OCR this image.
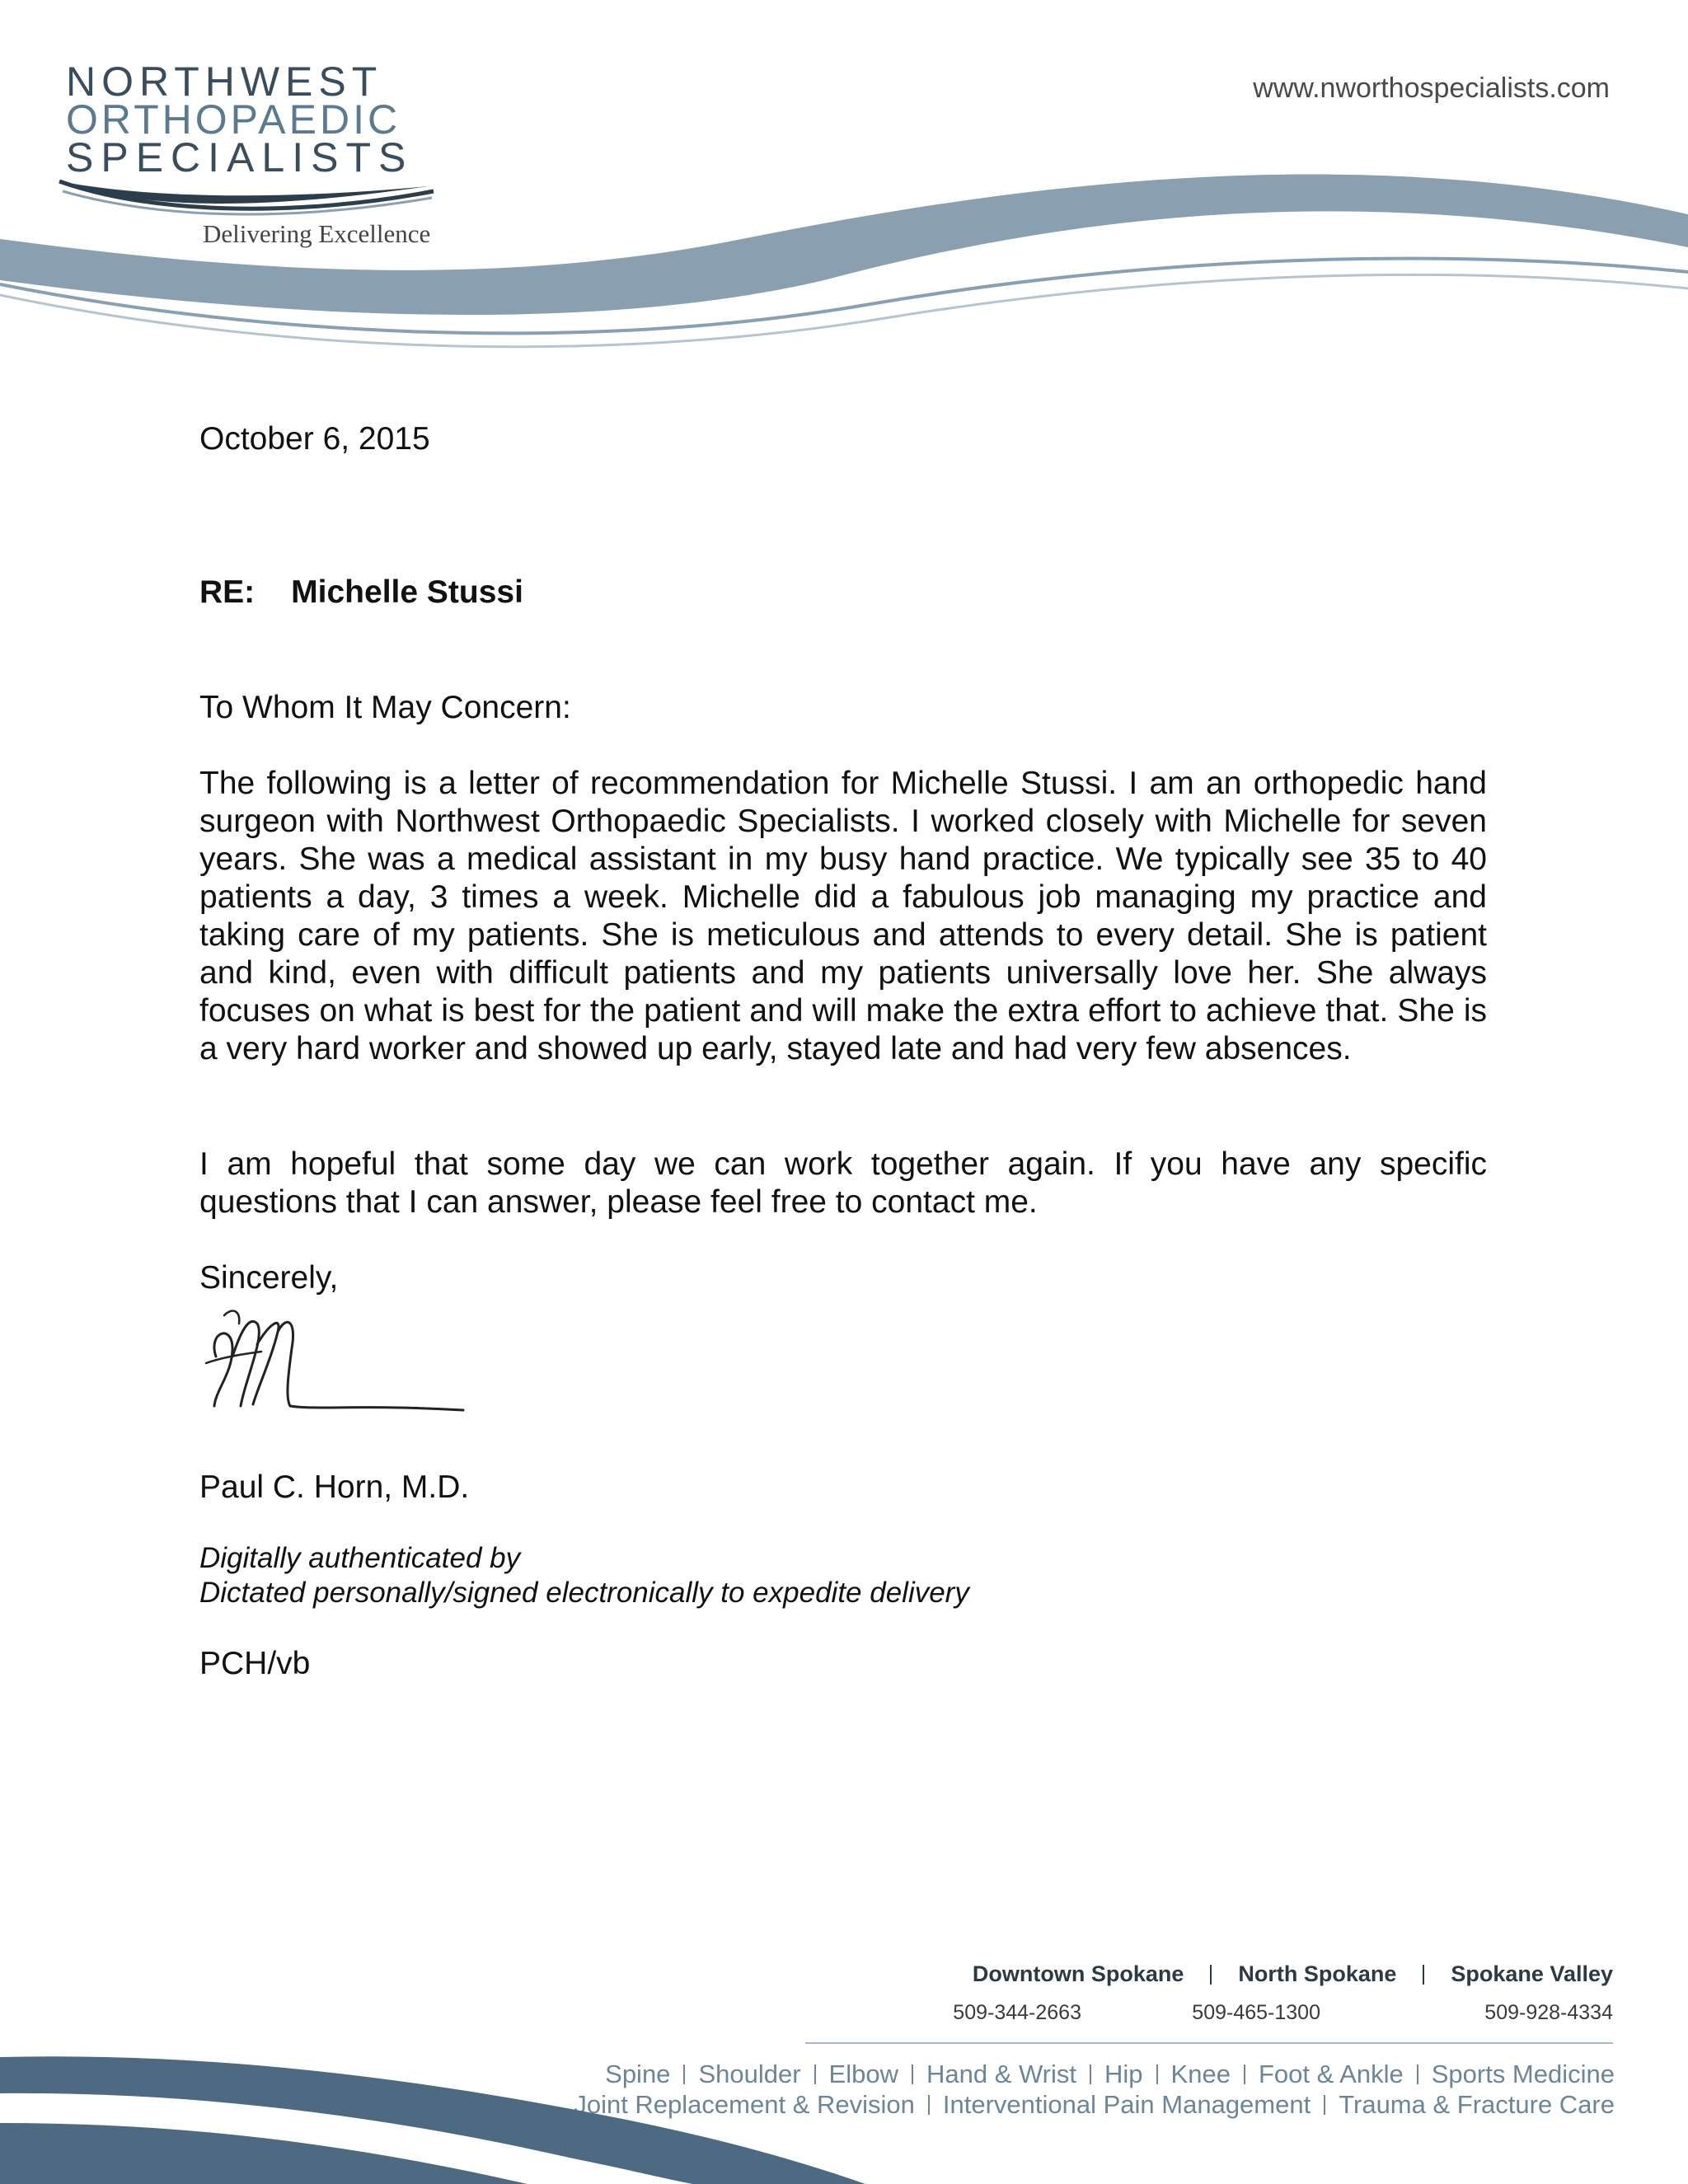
NORTHWEST
ORTHOPAEDIC
SPECIALISTS
Delivering Excellence
www.nworthospecialists.com
October 6, 2015
RE: Michelle Stussi
To Whom It May Concern:

The following is a letter of recommendation for Michelle Stussi. I am an orthopedic hand surgeon with Northwest Orthopaedic Specialists. I worked closely with Michelle for seven years. She was a medical assistant in my busy hand practice. We typically see 35 to 40 patients a day, 3 times a week. Michelle did a fabulous job managing my practice and taking care of my patients. She is meticulous and attends to every detail. She is patient and kind, even with difficult patients and my patients universally love her. She always focuses on what is best for the patient and will make the extra effort to achieve that. She is a very hard worker and showed up early, stayed late and had very few absences.

I am hopeful that some day we can work together again. If you have any specific questions that I can answer, please feel free to contact me.

Sincerely,
Paul C. Horn, M.D.
Digitally authenticated by
Dictated personally/signed electronically to expedite delivery
PCH/vb
Downtown Spokane North Spokane Spokane Valley
509-344-2663	509-465-1300	509-928-4334
Spine Shoulder Elbow Hand & Wrist Hip Knee Foot & Ankle Sports Medicine
Joint Replacement & Revision Interventional Pain Management Trauma & Fracture Care
